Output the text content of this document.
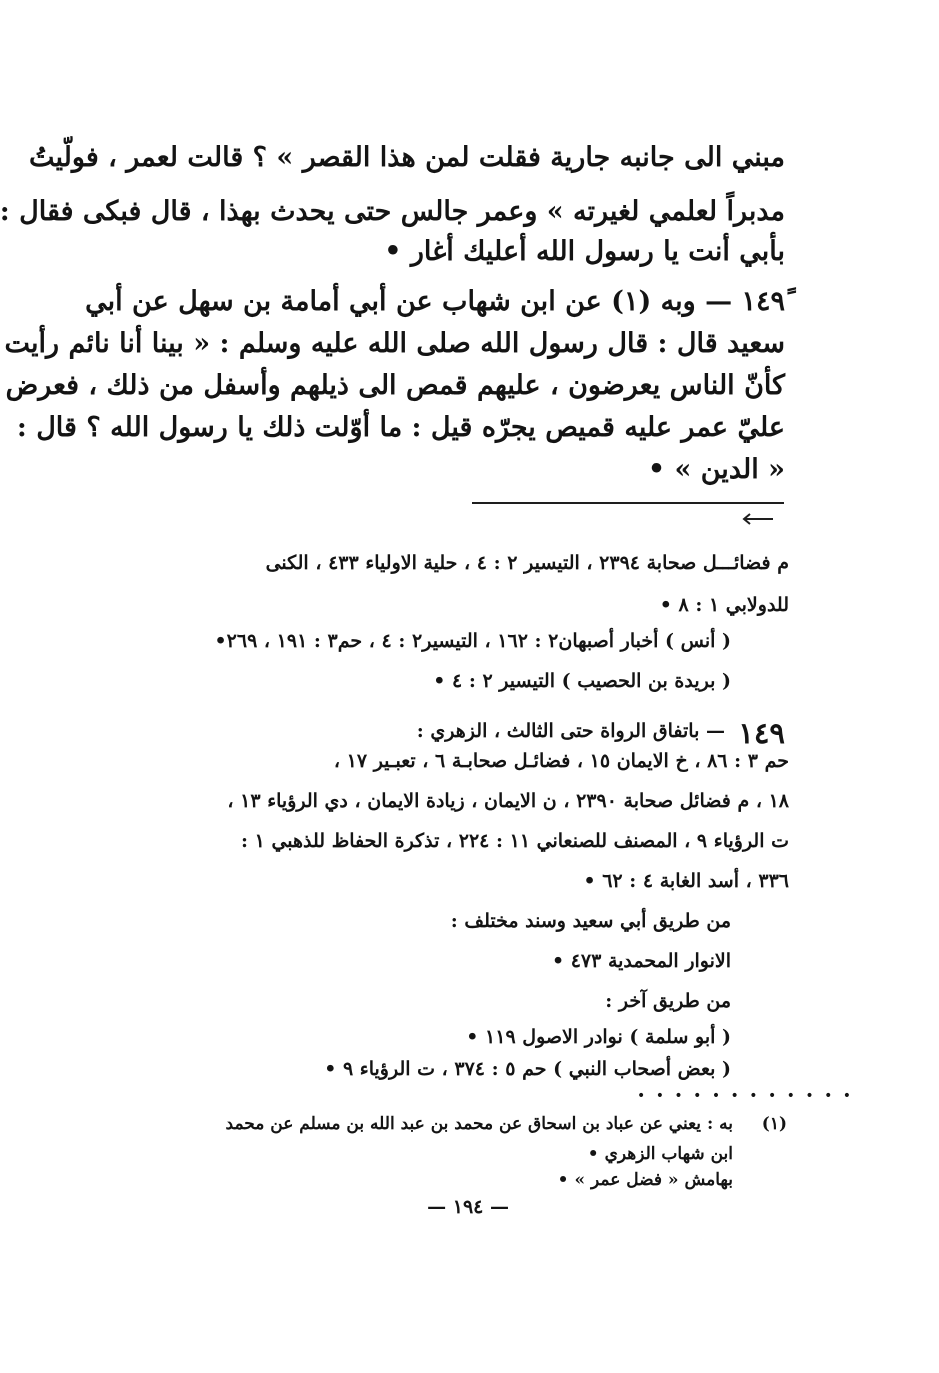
مبني الى جانبه جارية فقلت لمن هذا القصر » ؟ قالت لعمر ، فولّيتُ
مدبراً لعلمي لغيرته » وعمر جالس حتى يحدث بهذا ، قال فبكى فقال :
بأبي أنت يا رسول الله أعليك أغار •
١٤٩ً — وبه (١) عن ابن شهاب عن أبي أمامة بن سهل عن أبي
سعيد قال : قال رسول الله صلى الله عليه وسلم : « بينا أنا نائم رأيت
كأنّ الناس يعرضون ، عليهم قمص الى ذيلهم وأسفل من ذلك ، فعرض
عليّ عمر عليه قميص يجرّه قيل : ما أوّلت ذلك يا رسول الله ؟ قال :
« الدين » •
م فضائـــل صحابة ٢٣٩٤ ، التيسير ٢ : ٤ ، حلية الاولياء ٤٣٣ ، الكنى
للدولابي ١ : ٨ •
( أنس ) أخبار أصبهان٢ : ١٦٢ ، التيسير٢ : ٤ ، حم٣ : ١٩١ ، ٢٦٩•
( بريدة بن الحصيب ) التيسير ٢ : ٤ •
١٤٩
— باتفاق الرواة حتى الثالث ، الزهري :
حم ٣ : ٨٦ ، خ الايمان ١٥ ، فضائـل صحابـة ٦ ، تعبـير ١٧ ،
١٨ ، م فضائل صحابة ٢٣٩٠ ، ن الايمان ، زيادة الايمان ، دي الرؤياء ١٣ ،
ت الرؤياء ٩ ، المصنف للصنعاني ١١ : ٢٢٤ ، تذكرة الحفاظ للذهبي ١ :
٣٣٦ ، أسد الغابة ٤ : ٦٢ •
من طريق أبي سعيد وسند مختلف :
الانوار المحمدية ٤٧٣ •
من طريق آخر :
( أبو سلمة ) نوادر الاصول ١١٩ •
( بعض أصحاب النبي ) حم ٥ : ٣٧٤ ، ت الرؤياء ٩ •
• • • • • • • • • • • •
(١)
به : يعني عن عباد بن اسحاق عن محمد بن عبد الله بن مسلم عن محمد
ابن شهاب الزهري •
بهامش « فضل عمر » •
— ١٩٤ —
